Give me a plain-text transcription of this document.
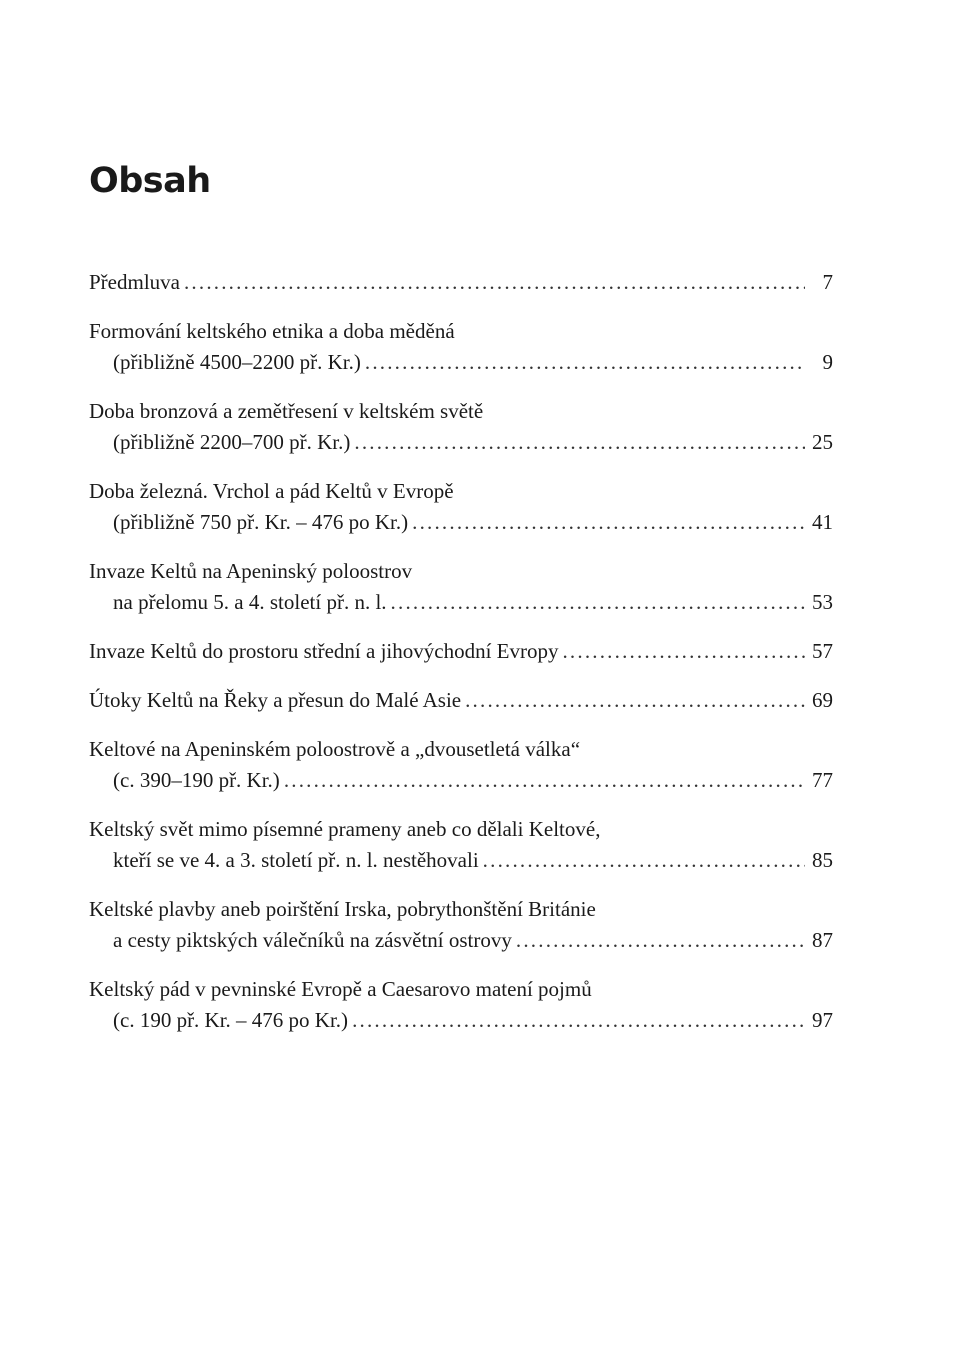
Obsah
Předmluva .....	7
Formování keltského etnika a doba měděná
(přibližně 4500–2200 př. Kr.) .....	9
Doba bronzová a zemětřesení v keltském světě
(přibližně 2200–700 př. Kr.) .....	25
Doba železná. Vrchol a pád Keltů v Evropě
(přibližně 750 př. Kr. – 476 po Kr.) .....	41
Invaze Keltů na Apeninský poloostrov
na přelomu 5. a 4. století př. n. l. .....	53
Invaze Keltů do prostoru střední a jihovýchodní Evropy .....	57
Útoky Keltů na Řeky a přesun do Malé Asie .....	69
Keltové na Apeninském poloostrově a „dvousetletá válka“
(c. 390–190 př. Kr.) .....	77
Keltský svět mimo písemné prameny aneb co dělali Keltové,
kteří se ve 4. a 3. století př. n. l. nestěhovali .....	85
Keltské plavby aneb poirštění Irska, pobrythonštění Británie
a cesty piktských válečníků na zásvětní ostrovy .....	87
Keltský pád v pevninské Evropě a Caesarovo matení pojmů
(c. 190 př. Kr. – 476 po Kr.) .....	97
